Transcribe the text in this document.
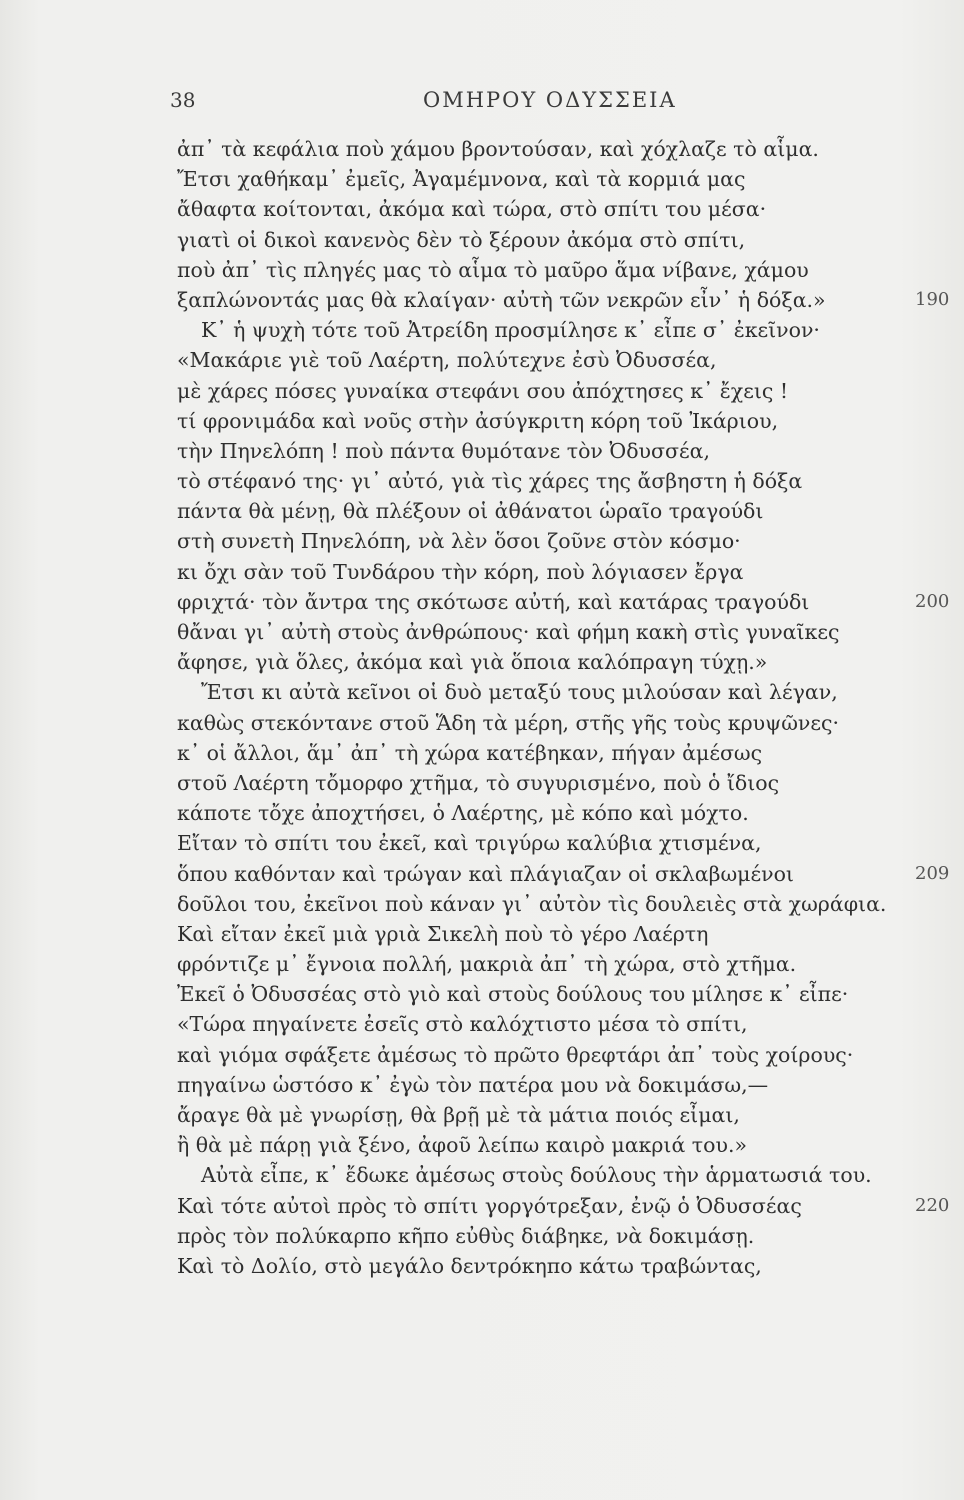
38	ΟΜΗΡΟΥ ΟΔΥΣΣΕΙΑ
ἀπ᾿ τὰ κεφάλια ποὺ χάμου βροντούσαν, καὶ χόχλαζε τὸ αἷμα.
Ἔτσι χαθήκαμ᾿ ἐμεῖς, Ἀγαμέμνονα, καὶ τὰ κορμιά μας
ἄθαφτα κοίτονται, ἀκόμα καὶ τώρα, στὸ σπίτι του μέσα·
γιατὶ οἱ δικοὶ κανενὸς δὲν τὸ ξέρουν ἀκόμα στὸ σπίτι,
ποὺ ἀπ᾿ τὶς πληγές μας τὸ αἷμα τὸ μαῦρο ἅμα νίβανε, χάμου
ξαπλώνοντάς μας θὰ κλαίγαν· αὐτὴ τῶν νεκρῶν εἶν᾿ ἡ δόξα.»	190
Κ᾿ ἡ ψυχὴ τότε τοῦ Ἀτρείδη προσμίλησε κ᾿ εἶπε σ᾿ ἐκεῖνον·
«Μακάριε γιὲ τοῦ Λαέρτη, πολύτεχνε ἐσὺ Ὀδυσσέα,
μὲ χάρες πόσες γυναίκα στεφάνι σου ἀπόχτησες κ᾿ ἔχεις !
τί φρονιμάδα καὶ νοῦς στὴν ἀσύγκριτη κόρη τοῦ Ἰκάριου,
τὴν Πηνελόπη ! ποὺ πάντα θυμότανε τὸν Ὀδυσσέα,
τὸ στέφανό της· γι᾿ αὐτό, γιὰ τὶς χάρες της ἄσβηστη ἡ δόξα
πάντα θὰ μένῃ, θὰ πλέξουν οἱ ἀθάνατοι ὡραῖο τραγούδι
στὴ συνετὴ Πηνελόπη, νὰ λὲν ὅσοι ζοῦνε στὸν κόσμο·
κι ὄχι σὰν τοῦ Τυνδάρου τὴν κόρη, ποὺ λόγιασεν ἔργα
φριχτά· τὸν ἄντρα της σκότωσε αὐτή, καὶ κατάρας τραγούδι	200
θἄναι γι᾿ αὐτὴ στοὺς ἀνθρώπους· καὶ φήμη κακὴ στὶς γυναῖκες
ἄφησε, γιὰ ὅλες, ἀκόμα καὶ γιὰ ὅποια καλόπραγη τύχῃ.»
Ἔτσι κι αὐτὰ κεῖνοι οἱ δυὸ μεταξύ τους μιλούσαν καὶ λέγαν,
καθὼς στεκόντανε στοῦ Ἅδη τὰ μέρη, στῆς γῆς τοὺς κρυψῶνες·
κ᾿ οἱ ἄλλοι, ἅμ᾿ ἀπ᾿ τὴ χώρα κατέβηκαν, πήγαν ἀμέσως
στοῦ Λαέρτη τὄμορφο χτῆμα, τὸ συγυρισμένο, ποὺ ὁ ἴδιος
κάποτε τὄχε ἀποχτήσει, ὁ Λαέρτης, μὲ κόπο καὶ μόχτο.
Εἴταν τὸ σπίτι του ἐκεῖ, καὶ τριγύρω καλύβια χτισμένα,
ὅπου καθόνταν καὶ τρώγαν καὶ πλάγιαζαν οἱ σκλαβωμένοι	209
δοῦλοι του, ἐκεῖνοι ποὺ κάναν γι᾿ αὐτὸν τὶς δουλειὲς στὰ χωράφια.
Καὶ εἴταν ἐκεῖ μιὰ γριὰ Σικελὴ ποὺ τὸ γέρο Λαέρτη
φρόντιζε μ᾿ ἔγνοια πολλή, μακριὰ ἀπ᾿ τὴ χώρα, στὸ χτῆμα.
Ἐκεῖ ὁ Ὀδυσσέας στὸ γιὸ καὶ στοὺς δούλους του μίλησε κ᾿ εἶπε·
«Τώρα πηγαίνετε ἐσεῖς στὸ καλόχτιστο μέσα τὸ σπίτι,
καὶ γιόμα σφάξετε ἀμέσως τὸ πρῶτο θρεφτάρι ἀπ᾿ τοὺς χοίρους·
πηγαίνω ὡστόσο κ᾿ ἐγὼ τὸν πατέρα μου νὰ δοκιμάσω,—
ἄραγε θὰ μὲ γνωρίσῃ, θὰ βρῇ μὲ τὰ μάτια ποιός εἶμαι,
ἢ θὰ μὲ πάρῃ γιὰ ξένο, ἀφοῦ λείπω καιρὸ μακριά του.»
Αὐτὰ εἶπε, κ᾿ ἔδωκε ἀμέσως στοὺς δούλους τὴν ἁρματωσιά του.
Καὶ τότε αὐτοὶ πρὸς τὸ σπίτι γοργότρεξαν, ἐνῷ ὁ Ὀδυσσέας	220
πρὸς τὸν πολύκαρπο κῆπο εὐθὺς διάβηκε, νὰ δοκιμάσῃ.
Καὶ τὸ Δολίο, στὸ μεγάλο δεντρόκηπο κάτω τραβώντας,
